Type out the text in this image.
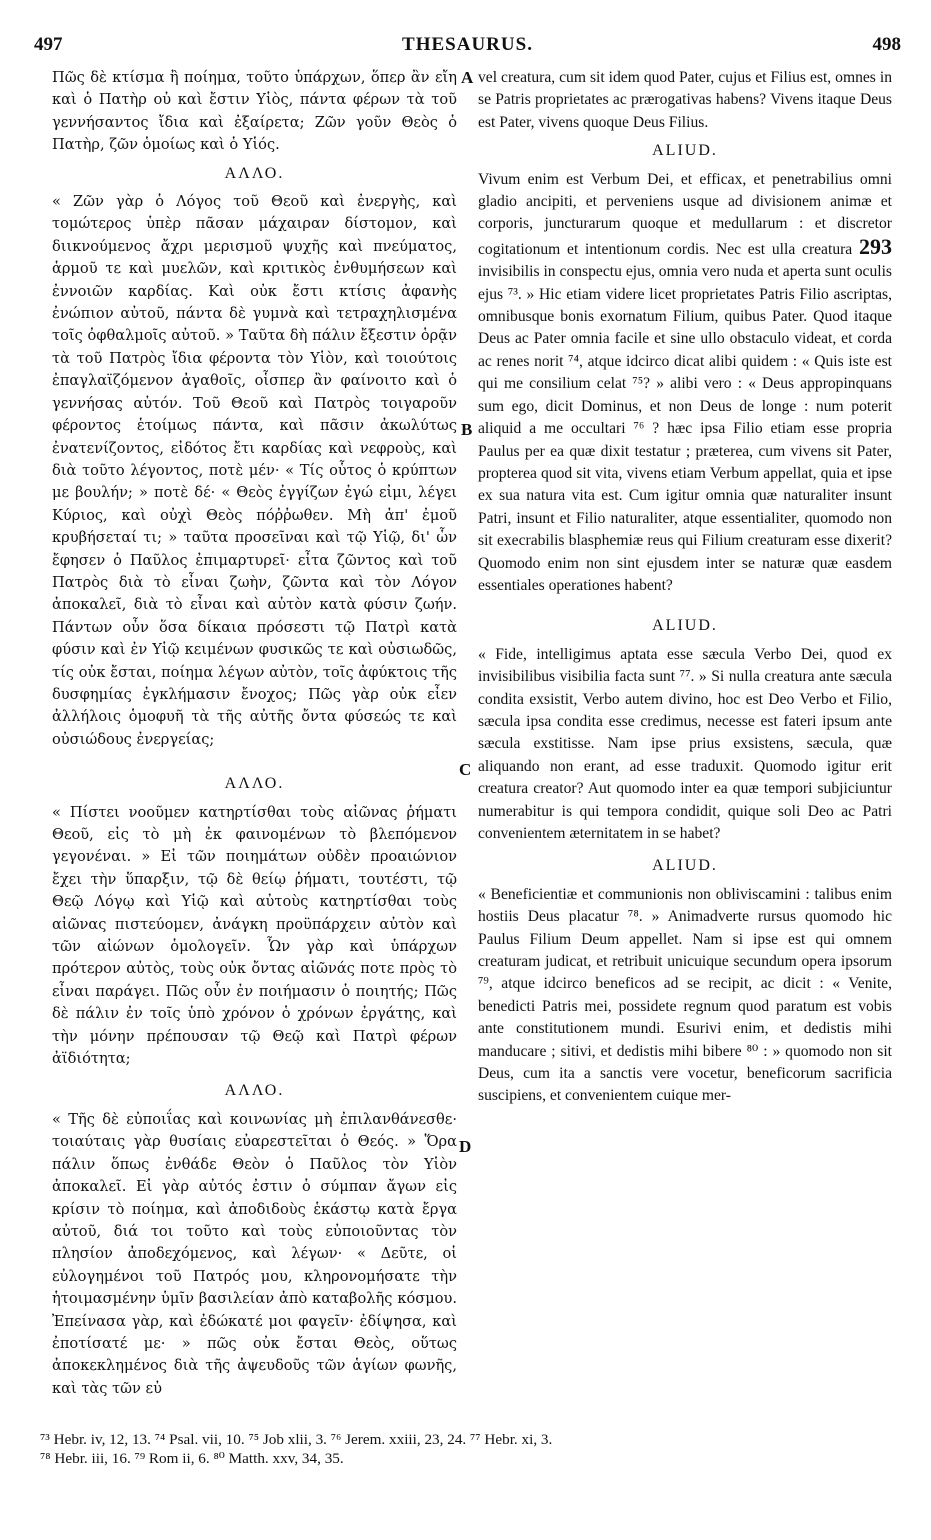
497	THESAURUS.	498

Πῶς δὲ κτίσμα ἢ ποίημα, τοῦτο ὑπάρχων, ὅπερ ἂν εἴη καὶ ὁ Πατὴρ οὐ καὶ ἔστιν Υἱὸς, πάντα φέρων τὰ τοῦ γεννήσαντος ἴδια καὶ ἐξαίρετα; Ζῶν γοῦν Θεὸς ὁ Πατὴρ, ζῶν ὁμοίως καὶ ὁ Υἱός.

ΑΛΛΟ.

« Ζῶν γὰρ ὁ Λόγος τοῦ Θεοῦ καὶ ἐνεργὴς, καὶ τομώτερος ὑπὲρ πᾶσαν μάχαιραν δίστομον, καὶ διικνούμενος ἄχρι μερισμοῦ ψυχῆς καὶ πνεύματος, ἁρμοῦ τε καὶ μυελῶν, καὶ κριτικὸς ἐνθυμήσεων καὶ ἐννοιῶν καρδίας. Καὶ οὐκ ἔστι κτίσις ἀφανὴς ἐνώπιον αὐτοῦ, πάντα δὲ γυμνὰ καὶ τετραχηλισμένα τοῖς ὀφθαλμοῖς αὐτοῦ. » Ταῦτα δὴ πάλιν ἔξεστιν ὁρᾷν τὰ τοῦ Πατρὸς ἴδια φέροντα τὸν Υἱὸν, καὶ τοιούτοις ἐπαγλαϊζόμενον ἀγαθοῖς, οἷσπερ ἂν φαίνοιτο καὶ ὁ γεννήσας αὐτόν. Τοῦ Θεοῦ καὶ Πατρὸς τοιγαροῦν φέροντος ἑτοίμως πάντα, καὶ πᾶσιν ἀκωλύτως ἐνατενίζοντος, εἰδότος ἔτι καρδίας καὶ νεφροὺς, καὶ διὰ τοῦτο λέγοντος, ποτὲ μέν· « Τίς οὗτος ὁ κρύπτων με βουλήν; » ποτὲ δέ· « Θεὸς ἐγγίζων ἐγώ εἰμι, λέγει Κύριος, καὶ οὐχὶ Θεὸς πόῤῥωθεν. Μὴ ἀπ' ἐμοῦ κρυβήσεταί τι; » ταῦτα προσεῖναι καὶ τῷ Υἱῷ, δι' ὧν ἔφησεν ὁ Παῦλος ἐπιμαρτυρεῖ· εἶτα ζῶντος καὶ τοῦ Πατρὸς διὰ τὸ εἶναι ζωὴν, ζῶντα καὶ τὸν Λόγον ἀποκαλεῖ, διὰ τὸ εἶναι καὶ αὐτὸν κατὰ φύσιν ζωήν. Πάντων οὖν ὅσα δίκαια πρόσεστι τῷ Πατρὶ κατὰ φύσιν καὶ ἐν Υἱῷ κειμένων φυσικῶς τε καὶ οὐσιωδῶς, τίς οὐκ ἔσται, ποίημα λέγων αὐτὸν, τοῖς ἀφύκτοις τῆς δυσφημίας ἐγκλήμασιν ἔνοχος; Πῶς γὰρ οὐκ εἶεν ἀλλήλοις ὁμοφυῆ τὰ τῆς αὐτῆς ὄντα φύσεώς τε καὶ οὐσιώδους ἐνεργείας;

ΑΛΛΟ.

« Πίστει νοοῦμεν κατηρτίσθαι τοὺς αἰῶνας ῥήματι Θεοῦ, εἰς τὸ μὴ ἐκ φαινομένων τὸ βλεπόμενον γεγονέναι. » Εἰ τῶν ποιημάτων οὐδὲν προαιώνιον ἔχει τὴν ὕπαρξιν, τῷ δὲ θείῳ ῥήματι, τουτέστι, τῷ Θεῷ Λόγῳ καὶ Υἱῷ καὶ αὐτοὺς κατηρτίσθαι τοὺς αἰῶνας πιστεύομεν, ἀνάγκη προϋπάρχειν αὐτὸν καὶ τῶν αἰώνων ὁμολογεῖν. Ὧν γὰρ καὶ ὑπάρχων πρότερον αὐτὸς, τοὺς οὐκ ὄντας αἰῶνάς ποτε πρὸς τὸ εἶναι παράγει. Πῶς οὖν ἐν ποιήμασιν ὁ ποιητής; Πῶς δὲ πάλιν ἐν τοῖς ὑπὸ χρόνον ὁ χρόνων ἐργάτης, καὶ τὴν μόνην πρέπουσαν τῷ Θεῷ καὶ Πατρὶ φέρων ἀϊδιότητα;

ΑΛΛΟ.

« Τῆς δὲ εὐποιΐας καὶ κοινωνίας μὴ ἐπιλανθάνεσθε· τοιαύταις γὰρ θυσίαις εὐαρεστεῖται ὁ Θεός. » Ὅρα πάλιν ὅπως ἐνθάδε Θεὸν ὁ Παῦλος τὸν Υἱὸν ἀποκαλεῖ. Εἰ γὰρ αὐτός ἐστιν ὁ σύμπαν ἄγων εἰς κρίσιν τὸ ποίημα, καὶ ἀποδιδοὺς ἑκάστῳ κατὰ ἔργα αὐτοῦ, διά τοι τοῦτο καὶ τοὺς εὐποιοῦντας τὸν πλησίον ἀποδεχόμενος, καὶ λέγων· « Δεῦτε, οἱ εὐλογημένοι τοῦ Πατρός μου, κληρονομήσατε τὴν ἡτοιμασμένην ὑμῖν βασιλείαν ἀπὸ καταβολῆς κόσμου. Ἐπείνασα γὰρ, καὶ ἐδώκατέ μοι φαγεῖν· ἐδίψησα, καὶ ἐποτίσατέ με· » πῶς οὐκ ἔσται Θεὸς, οὕτως ἀποκεκλημένος διὰ τῆς ἀψευδοῦς τῶν ἁγίων φωνῆς, καὶ τὰς τῶν εὐ

A
B
C
D

vel creatura, cum sit idem quod Pater, cujus et Filius est, omnes in se Patris proprietates ac prærogativas habens? Vivens itaque Deus est Pater, vivens quoque Deus Filius.

ALIUD.

Vivum enim est Verbum Dei, et efficax, et penetrabilius omni gladio ancipiti, et perveniens usque ad divisionem animæ et corporis, juncturarum quoque et medullarum : et discretor cogitationum et intentionum cordis. Nec est ulla creatura 293 invisibilis in conspectu ejus, omnia vero nuda et aperta sunt oculis ejus ⁷³. » Hic etiam videre licet proprietates Patris Filio ascriptas, omnibusque bonis exornatum Filium, quibus Pater. Quod itaque Deus ac Pater omnia facile et sine ullo obstaculo videat, et corda ac renes norit ⁷⁴, atque idcirco dicat alibi quidem : « Quis iste est qui me consilium celat ⁷⁵? » alibi vero : « Deus appropinquans sum ego, dicit Dominus, et non Deus de longe : num poterit aliquid a me occultari ⁷⁶ ? hæc ipsa Filio etiam esse propria Paulus per ea quæ dixit testatur ; præterea, cum vivens sit Pater, propterea quod sit vita, vivens etiam Verbum appellat, quia et ipse ex sua natura vita est. Cum igitur omnia quæ naturaliter insunt Patri, insunt et Filio naturaliter, atque essentialiter, quomodo non sit execrabilis blasphemiæ reus qui Filium creaturam esse dixerit? Quomodo enim non sint ejusdem inter se naturæ quæ easdem essentiales operationes habent?

ALIUD.

« Fide, intelligimus aptata esse sæcula Verbo Dei, quod ex invisibilibus visibilia facta sunt ⁷⁷. » Si nulla creatura ante sæcula condita exsistit, Verbo autem divino, hoc est Deo Verbo et Filio, sæcula ipsa condita esse credimus, necesse est fateri ipsum ante sæcula exstitisse. Nam ipse prius exsistens, sæcula, quæ aliquando non erant, ad esse traduxit. Quomodo igitur erit creatura creator? Aut quomodo inter ea quæ tempori subjiciuntur numerabitur is qui tempora condidit, quique soli Deo ac Patri convenientem æternitatem in se habet?

ALIUD.

« Beneficientiæ et communionis non obliviscamini : talibus enim hostiis Deus placatur ⁷⁸. » Animadverte rursus quomodo hic Paulus Filium Deum appellet. Nam si ipse est qui omnem creaturam judicat, et retribuit unicuique secundum opera ipsorum ⁷⁹, atque idcirco beneficos ad se recipit, ac dicit : « Venite, benedicti Patris mei, possidete regnum quod paratum est vobis ante constitutionem mundi. Esurivi enim, et dedistis mihi manducare ; sitivi, et dedistis mihi bibere ⁸⁰ : » quomodo non sit Deus, cum ita a sanctis vere vocetur, beneficorum sacrificia suscipiens, et convenientem cuique mer-

⁷³ Hebr. iv, 12, 13. ⁷⁴ Psal. vii, 10. ⁷⁵ Job xlii, 3. ⁷⁶ Jerem. xxiii, 23, 24. ⁷⁷ Hebr. xi, 3.
⁷⁸ Hebr. iii, 16. ⁷⁹ Rom ii, 6. ⁸⁰ Matth. xxv, 34, 35.
